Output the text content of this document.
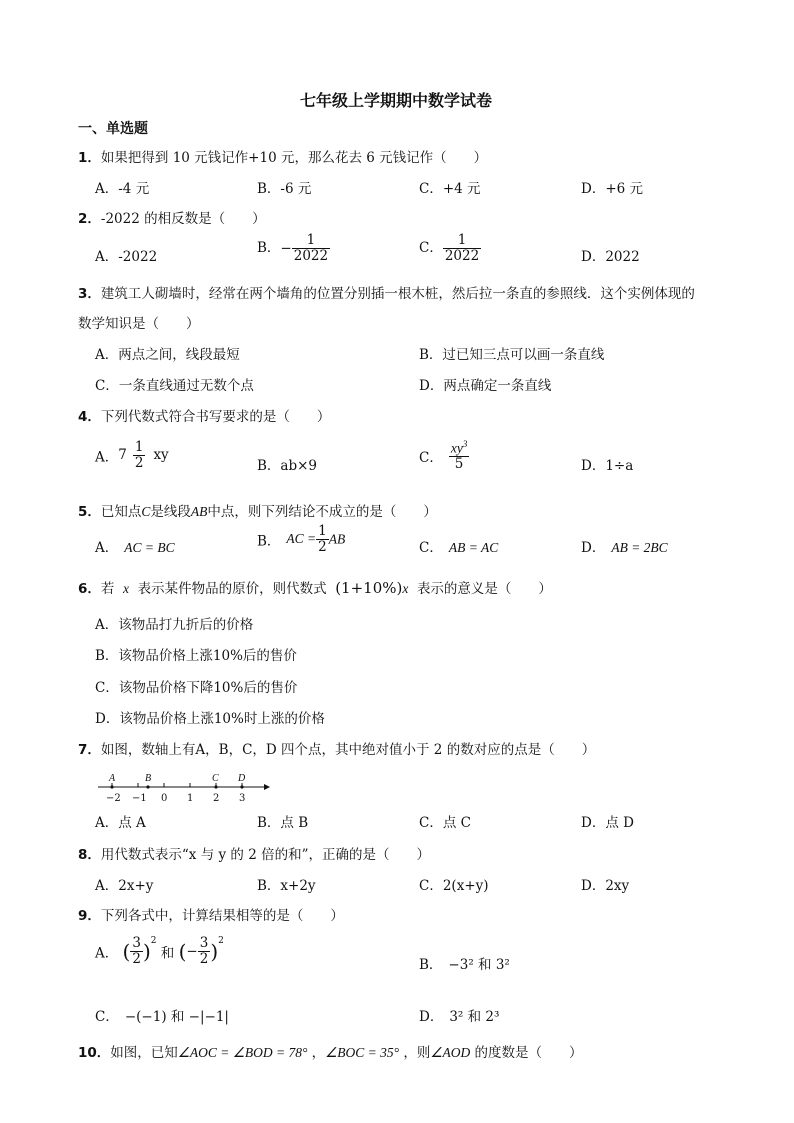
七年级上学期期中数学试卷
一、单选题
1．如果把得到 10 元钱记作+10 元，那么花去 6 元钱记作（　　）
A．-4 元	B．-6 元	C．+4 元	D．+6 元
2．-2022 的相反数是（　　）
A．-2022
B．− $\frac{1}{2022}$	C． $\frac{1}{2022}$	D．2022
3．建筑工人砌墙时，经常在两个墙角的位置分别插一根木桩，然后拉一条直的参照线．这个实例体现的
数学知识是（　　）
A．两点之间，线段最短	B．过已知三点可以画一条直线
C．一条直线通过无数个点	D．两点确定一条直线
4．下列代数式符合书写要求的是（　　）
A．$7 \frac{1}{2}$ xy
B．ab×9	C． $\frac{xy^3}{5}$	D．1÷a
5．已知点C是线段AB中点，则下列结论不成立的是（　　）
A． AC = BC	B． AC = $\frac{1}{2}$ AB
C． AB = AC	D． AB = 2BC
6．若 x 表示某件物品的原价，则代数式 (1+10%)x 表示的意义是（　　）
A．该物品打九折后的价格
B．该物品价格上涨10%后的售价
C．该物品价格下降10%后的售价
D．该物品价格上涨10%时上涨的价格
7．如图，数轴上有A，B，C，D 四个点，其中绝对值小于 2 的数对应的点是（　　）
−2 −1 0 1 2 3
A	B	C D
A．点 A	B．点 B	C．点 C	D．点 D
8．用代数式表示“x 与 y 的 2 倍的和”，正确的是（　　）
A．2x+y	B．x+2y	C．2(x+y)	D．2xy
9．下列各式中，计算结果相等的是（　　）
A． ( $\frac{3}{2} )^2$ 和 (− $\frac{3}{2} )^2$
B． −3² 和 3²
C． −(−1) 和 −|−1|	D． 3² 和 2³
10．如图，已知∠AOC = ∠BOD = 78° ，∠BOC = 35° ，则∠AOD 的度数是（　　）
